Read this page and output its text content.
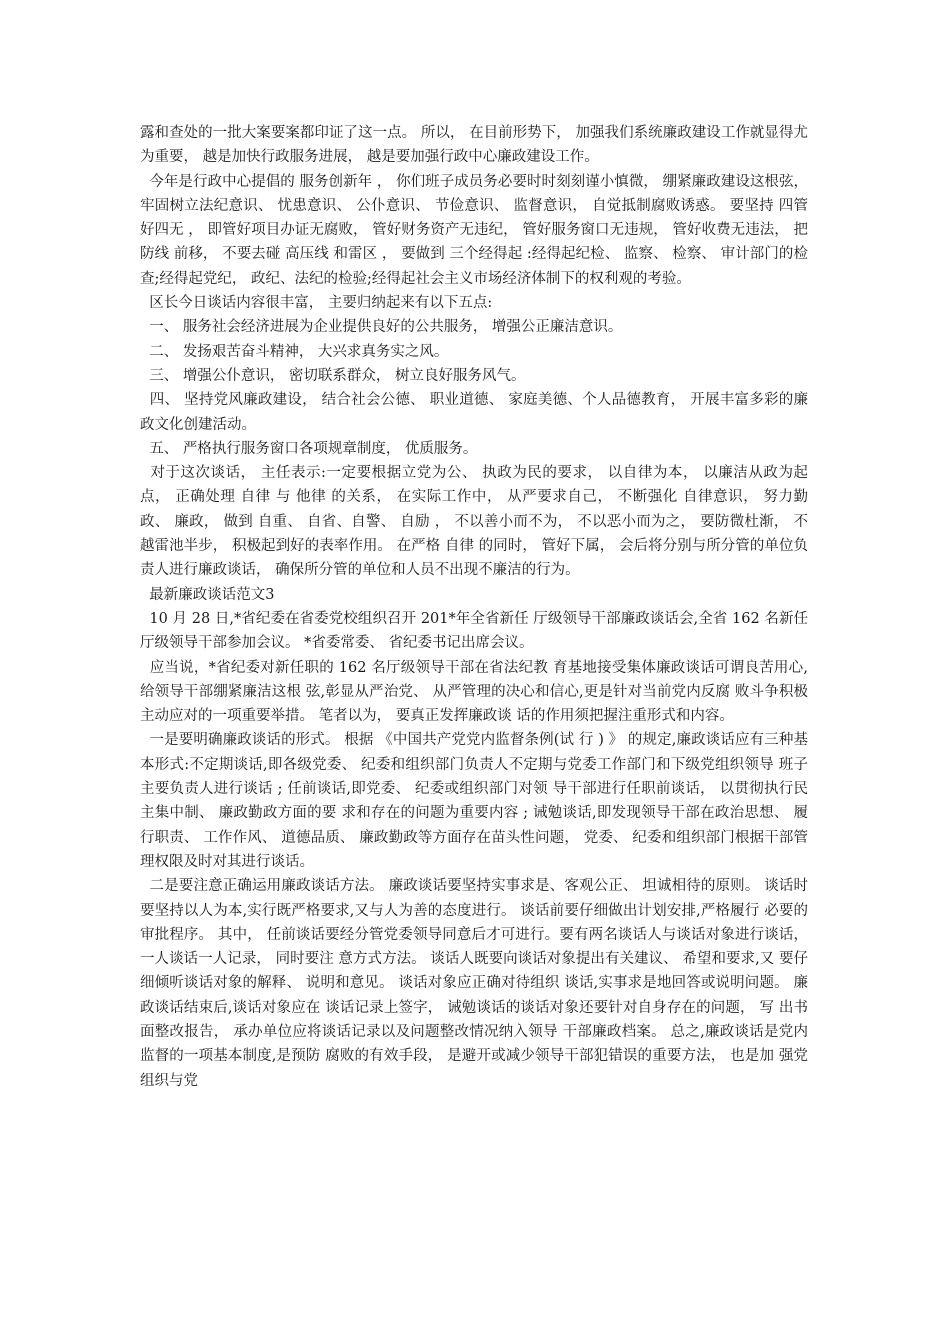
露和查处的一批大案要案都印证了这一点。 所以， 在目前形势下， 加强我们系统廉政建设工作就显得尤为重要， 越是加快行政服务进展， 越是要加强行政中心廉政建设工作。

今年是行政中心提倡的 服务创新年 ， 你们班子成员务必要时时刻刻谨小慎微， 绷紧廉政建设这根弦， 牢固树立法纪意识、 忧患意识、 公仆意识、 节俭意识、 监督意识， 自觉抵制腐败诱惑。 要坚持 四管好四无 ， 即管好项目办证无腐败， 管好财务资产无违纪， 管好服务窗口无违规， 管好收费无违法， 把 防线 前移， 不要去碰 高压线 和雷区 ， 要做到 三个经得起 :经得起纪检、 监察、 检察、 审计部门的检查;经得起党纪， 政纪、法纪的检验;经得起社会主义市场经济体制下的权利观的考验。

区长今日谈话内容很丰富， 主要归纳起来有以下五点:

一、 服务社会经济进展为企业提供良好的公共服务， 增强公正廉洁意识。

二、 发扬艰苦奋斗精神， 大兴求真务实之风。

三、 增强公仆意识， 密切联系群众， 树立良好服务风气。

四、 坚持党风廉政建设， 结合社会公德、 职业道德、 家庭美德、个人品德教育， 开展丰富多彩的廉政文化创建活动。

五、 严格执行服务窗口各项规章制度， 优质服务。

对于这次谈话， 主任表示:一定要根据立党为公、 执政为民的要求， 以自律为本， 以廉洁从政为起点， 正确处理 自律 与 他律 的关系， 在实际工作中， 从严要求自己， 不断强化 自律意识， 努力勤政、 廉政， 做到 自重、 自省、自警、 自励 ， 不以善小而不为， 不以恶小而为之， 要防微杜渐， 不越雷池半步， 积极起到好的表率作用。 在严格 自律 的同时， 管好下属， 会后将分别与所分管的单位负责人进行廉政谈话， 确保所分管的单位和人员不出现不廉洁的行为。

最新廉政谈话范文3

10 月 28 日,*省纪委在省委党校组织召开 201*年全省新任 厅级领导干部廉政谈话会,全省 162 名新任厅级领导干部参加会议。 *省委常委、 省纪委书记出席会议。

应当说，*省纪委对新任职的 162 名厅级领导干部在省法纪教 育基地接受集体廉政谈话可谓良苦用心,给领导干部绷紧廉洁这根 弦,彰显从严治党、 从严管理的决心和信心,更是针对当前党内反腐 败斗争积极主动应对的一项重要举措。 笔者以为， 要真正发挥廉政谈 话的作用须把握注重形式和内容。

一是要明确廉政谈话的形式。 根据 《中国共产党党内监督条例(试 行 ) 》 的规定,廉政谈话应有三种基本形式:不定期谈话,即各级党委、 纪委和组织部门负责人不定期与党委工作部门和下级党组织领导 班子主要负责人进行谈话 ; 任前谈话,即党委、 纪委或组织部门对领 导干部进行任职前谈话， 以贯彻执行民主集中制、 廉政勤政方面的要 求和存在的问题为重要内容 ; 诫勉谈话,即发现领导干部在政治思想、 履行职责、 工作作风、 道德品质、 廉政勤政等方面存在苗头性问题， 党委、 纪委和组织部门根据干部管理权限及时对其进行谈话。

二是要注意正确运用廉政谈话方法。 廉政谈话要坚持实事求是、客观公正、 坦诚相待的原则。 谈话时要坚持以人为本,实行既严格要求,又与人为善的态度进行。 谈话前要仔细做出计划安排,严格履行 必要的审批程序。 其中， 任前谈话要经分管党委领导同意后才可进行。要有两名谈话人与谈话对象进行谈话， 一人谈话一人记录， 同时要注 意方式方法。 谈话人既要向谈话对象提出有关建议、 希望和要求,又 要仔细倾听谈话对象的解释、 说明和意见。 谈话对象应正确对待组织 谈话,实事求是地回答或说明问题。 廉政谈话结束后,谈话对象应在 谈话记录上签字， 诫勉谈话的谈话对象还要针对自身存在的问题， 写 出书面整改报告， 承办单位应将谈话记录以及问题整改情况纳入领导 干部廉政档案。 总之,廉政谈话是党内监督的一项基本制度,是预防 腐败的有效手段， 是避开或减少领导干部犯错误的重要方法， 也是加 强党组织与党
